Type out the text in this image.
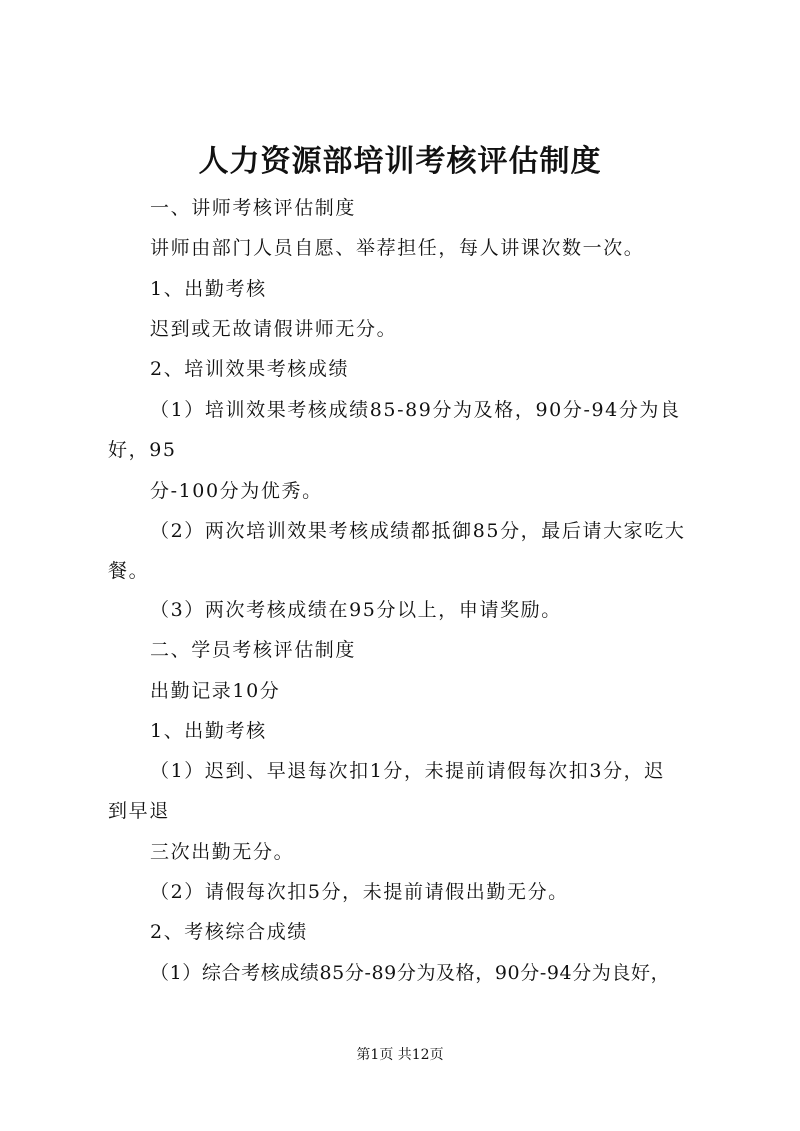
人力资源部培训考核评估制度
一、讲师考核评估制度
讲师由部门人员自愿、举荐担任，每人讲课次数一次。
1、出勤考核
迟到或无故请假讲师无分。
2、培训效果考核成绩
（1）培训效果考核成绩85-89分为及格，90分-94分为良
好，95
分-100分为优秀。
（2）两次培训效果考核成绩都抵御85分，最后请大家吃大
餐。
（3）两次考核成绩在95分以上，申请奖励。
二、学员考核评估制度
出勤记录10分
1、出勤考核
（1）迟到、早退每次扣1分，未提前请假每次扣3分，迟
到早退
三次出勤无分。
（2）请假每次扣5分，未提前请假出勤无分。
2、考核综合成绩
（1）综合考核成绩85分-89分为及格，90分-94分为良好，
第1页 共12页
